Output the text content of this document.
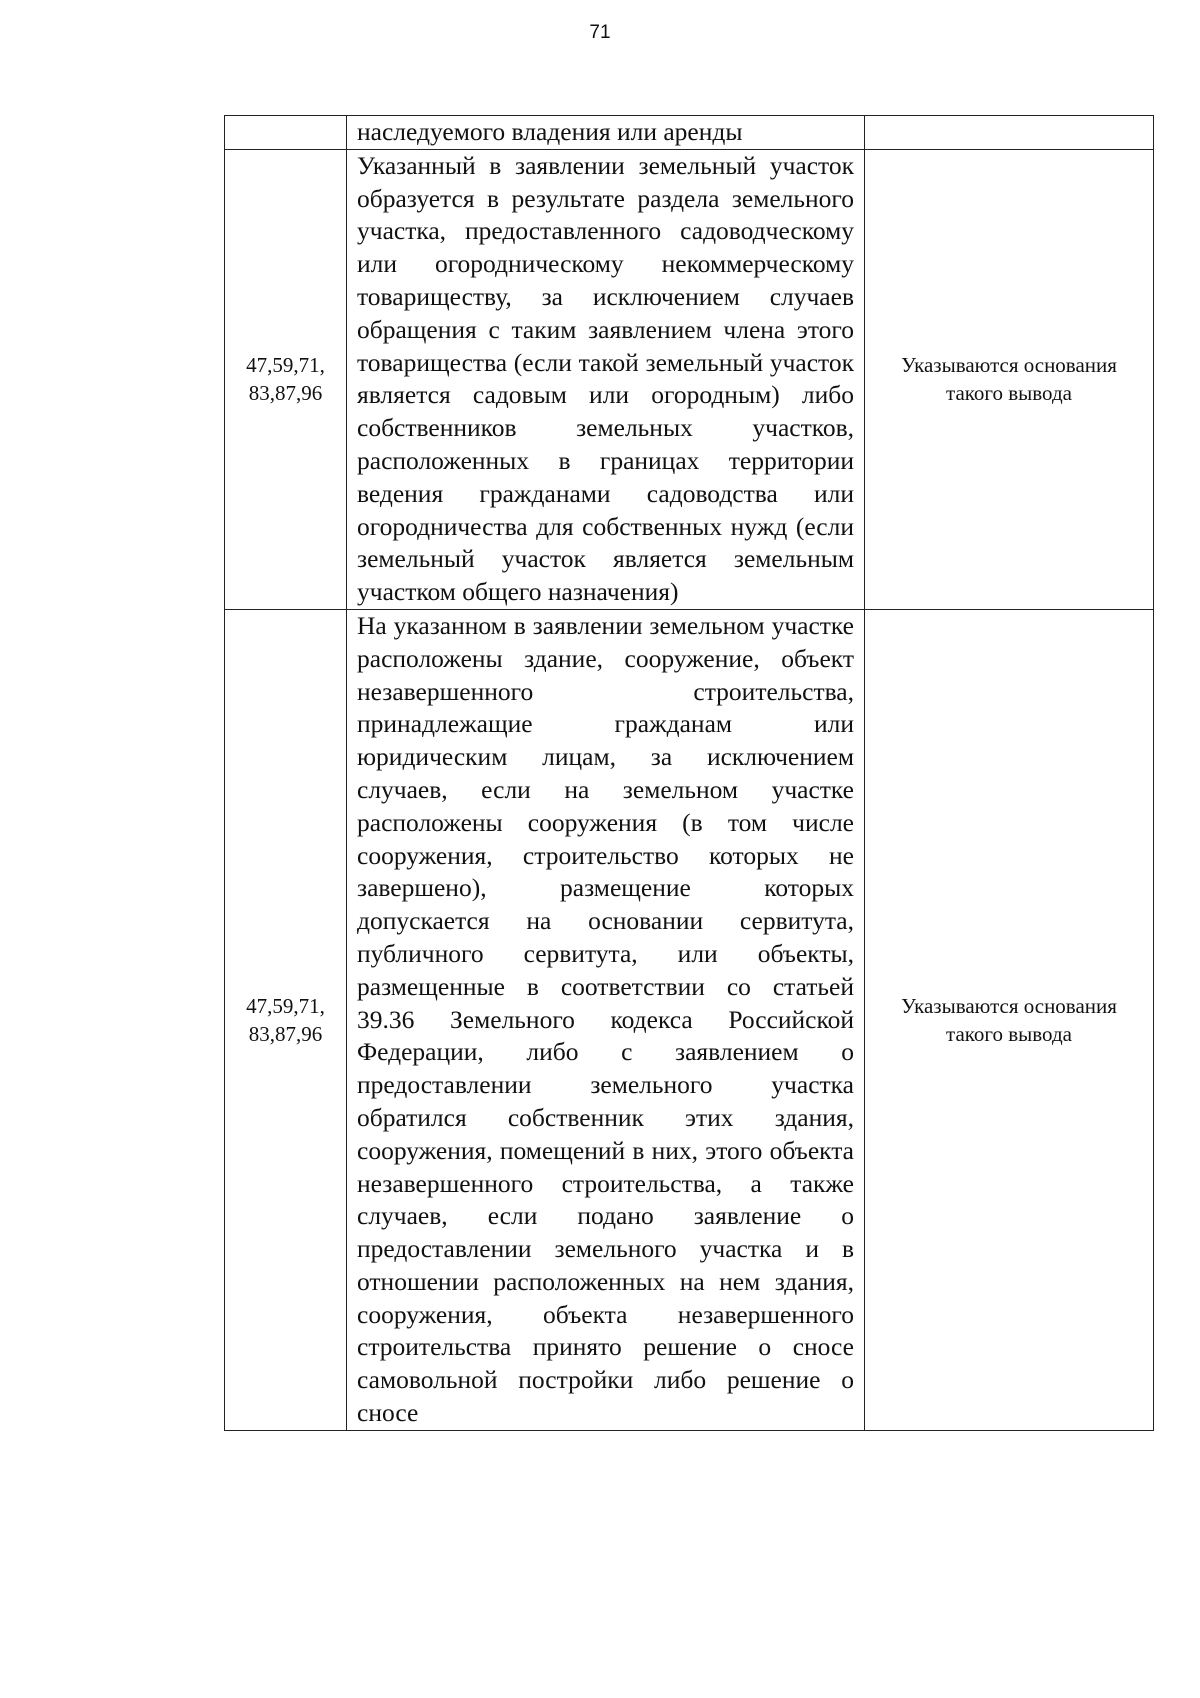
71

	наследуемого владения или аренды	

47,59,71,
83,87,96	Указанный в заявлении земельный участок образуется в результате раздела земельного участка, предоставленного садоводческому или огородническому некоммерческому товариществу, за исключением случаев обращения с таким заявлением члена этого товарищества (если такой земельный участок является садовым или огородным) либо собственников земельных участков, расположенных в границах территории ведения гражданами садоводства или огородничества для собственных нужд (если земельный участок является земельным участком общего назначения)	Указываются основания
такого вывода

47,59,71,
83,87,96	На указанном в заявлении земельном участке расположены здание, сооружение, объект незавершенного строительства, принадлежащие гражданам или юридическим лицам, за исключением случаев, если на земельном участке расположены сооружения (в том числе сооружения, строительство которых не завершено), размещение которых допускается на основании сервитута, публичного сервитута, или объекты, размещенные в соответствии со статьей 39.36 Земельного кодекса Российской Федерации, либо с заявлением о предоставлении земельного участка обратился собственник этих здания, сооружения, помещений в них, этого объекта незавершенного строительства, а также случаев, если подано заявление о предоставлении земельного участка и в отношении расположенных на нем здания, сооружения, объекта незавершенного строительства принято решение о сносе самовольной постройки либо решение о сносе	Указываются основания
такого вывода
